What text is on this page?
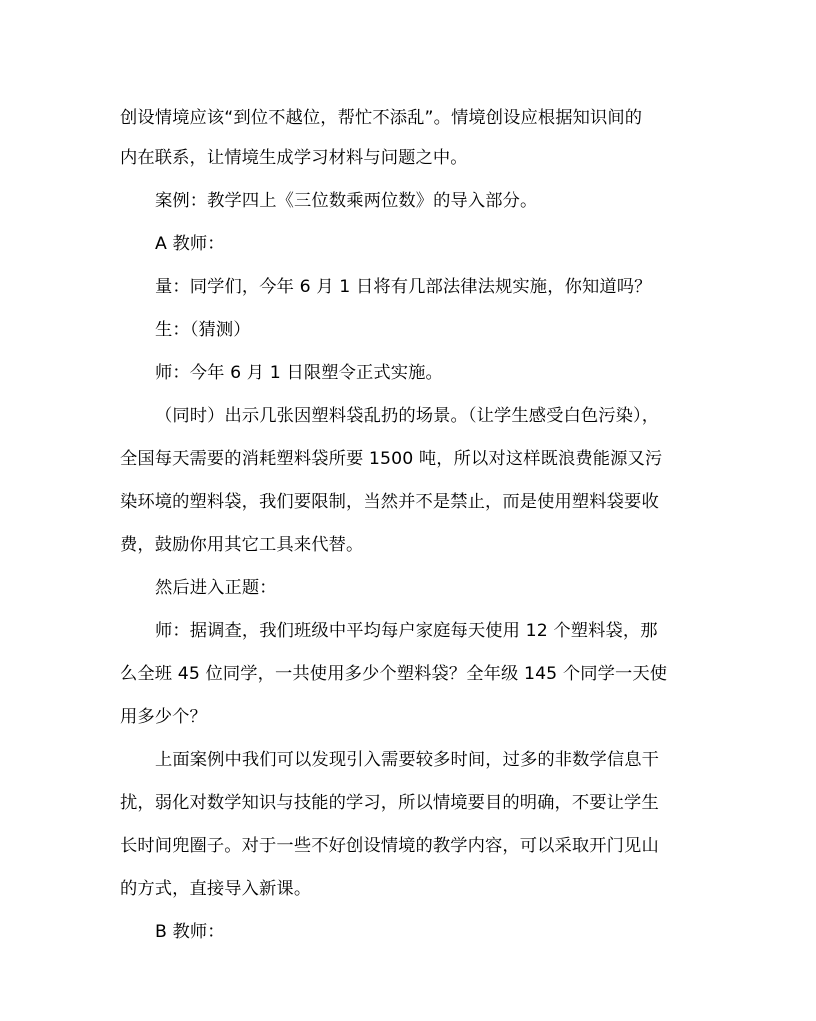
创设情境应该“到位不越位，帮忙不添乱”。情境创设应根据知识间的
内在联系，让情境生成学习材料与问题之中。
案例：教学四上《三位数乘两位数》的导入部分。
A 教师：
量：同学们，今年 6 月 1 日将有几部法律法规实施，你知道吗？
生：（猜测）
师：今年 6 月 1 日限塑令正式实施。
（同时）出示几张因塑料袋乱扔的场景。（让学生感受白色污染），
全国每天需要的消耗塑料袋所要 1500 吨，所以对这样既浪费能源又污
染环境的塑料袋，我们要限制，当然并不是禁止，而是使用塑料袋要收
费，鼓励你用其它工具来代替。
然后进入正题：
师：据调查，我们班级中平均每户家庭每天使用 12 个塑料袋，那
么全班 45 位同学，一共使用多少个塑料袋？全年级 145 个同学一天使
用多少个？
上面案例中我们可以发现引入需要较多时间，过多的非数学信息干
扰，弱化对数学知识与技能的学习，所以情境要目的明确，不要让学生
长时间兜圈子。对于一些不好创设情境的教学内容，可以采取开门见山
的方式，直接导入新课。
B 教师：
